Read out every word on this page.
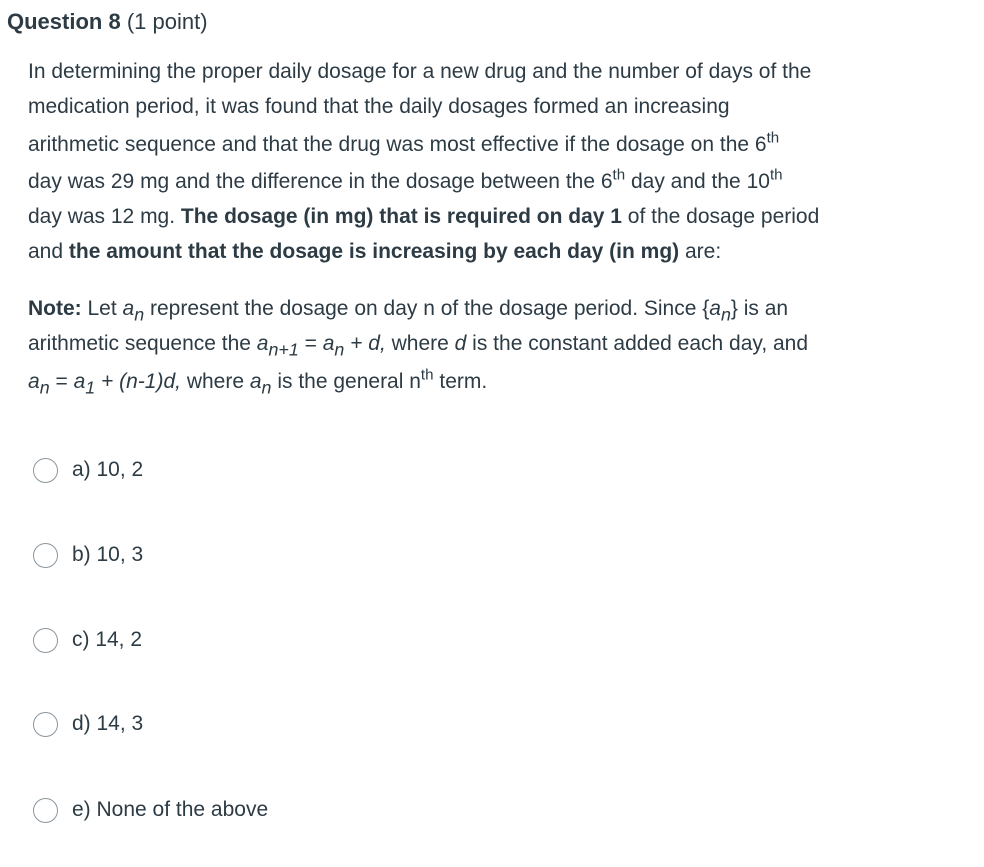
Question 8 (1 point)
In determining the proper daily dosage for a new drug and the number of days of the
medication period, it was found that the daily dosages formed an increasing
arithmetic sequence and that the drug was most effective if the dosage on the 6th
day was 29 mg and the difference in the dosage between the 6th day and the 10th
day was 12 mg. The dosage (in mg) that is required on day 1 of the dosage period
and the amount that the dosage is increasing by each day (in mg) are:
Note: Let $a_n$ represent the dosage on day n of the dosage period. Since $\{a_n\}$ is an
arithmetic sequence the $a_{n+1} = a_n + d$, where d is the constant added each day, and
$a_n = a_1 + (n-1)d$, where $a_n$ is the general $n^{th}$ term.
a) 10, 2
b) 10, 3
c) 14, 2
d) 14, 3
e) None of the above
